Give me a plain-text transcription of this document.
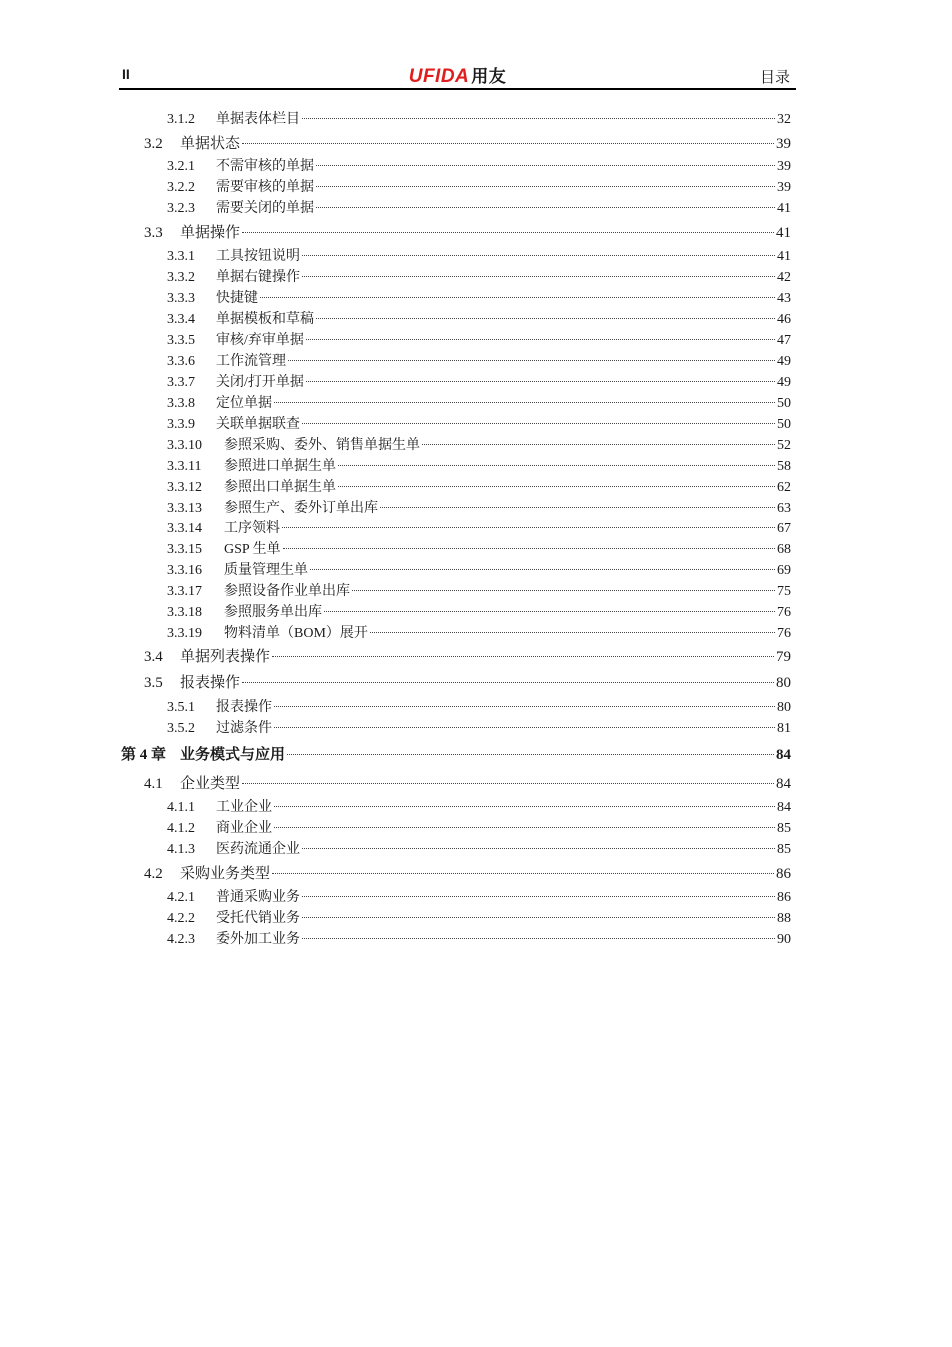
II	UFIDA 用友	目录
3.1.2	单据表体栏目	32
3.2	单据状态	39
3.2.1	不需审核的单据	39
3.2.2	需要审核的单据	39
3.2.3	需要关闭的单据	41
3.3	单据操作	41
3.3.1	工具按钮说明	41
3.3.2	单据右键操作	42
3.3.3	快捷键	43
3.3.4	单据模板和草稿	46
3.3.5	审核/弃审单据	47
3.3.6	工作流管理	49
3.3.7	关闭/打开单据	49
3.3.8	定位单据	50
3.3.9	关联单据联查	50
3.3.10	参照采购、委外、销售单据生单	52
3.3.11	参照进口单据生单	58
3.3.12	参照出口单据生单	62
3.3.13	参照生产、委外订单出库	63
3.3.14	工序领料	67
3.3.15	GSP 生单	68
3.3.16	质量管理生单	69
3.3.17	参照设备作业单出库	75
3.3.18	参照服务单出库	76
3.3.19	物料清单（BOM）展开	76
3.4	单据列表操作	79
3.5	报表操作	80
3.5.1	报表操作	80
3.5.2	过滤条件	81
第 4 章 业务模式与应用	84
4.1	企业类型	84
4.1.1	工业企业	84
4.1.2	商业企业	85
4.1.3	医药流通企业	85
4.2	采购业务类型	86
4.2.1	普通采购业务	86
4.2.2	受托代销业务	88
4.2.3	委外加工业务	90
